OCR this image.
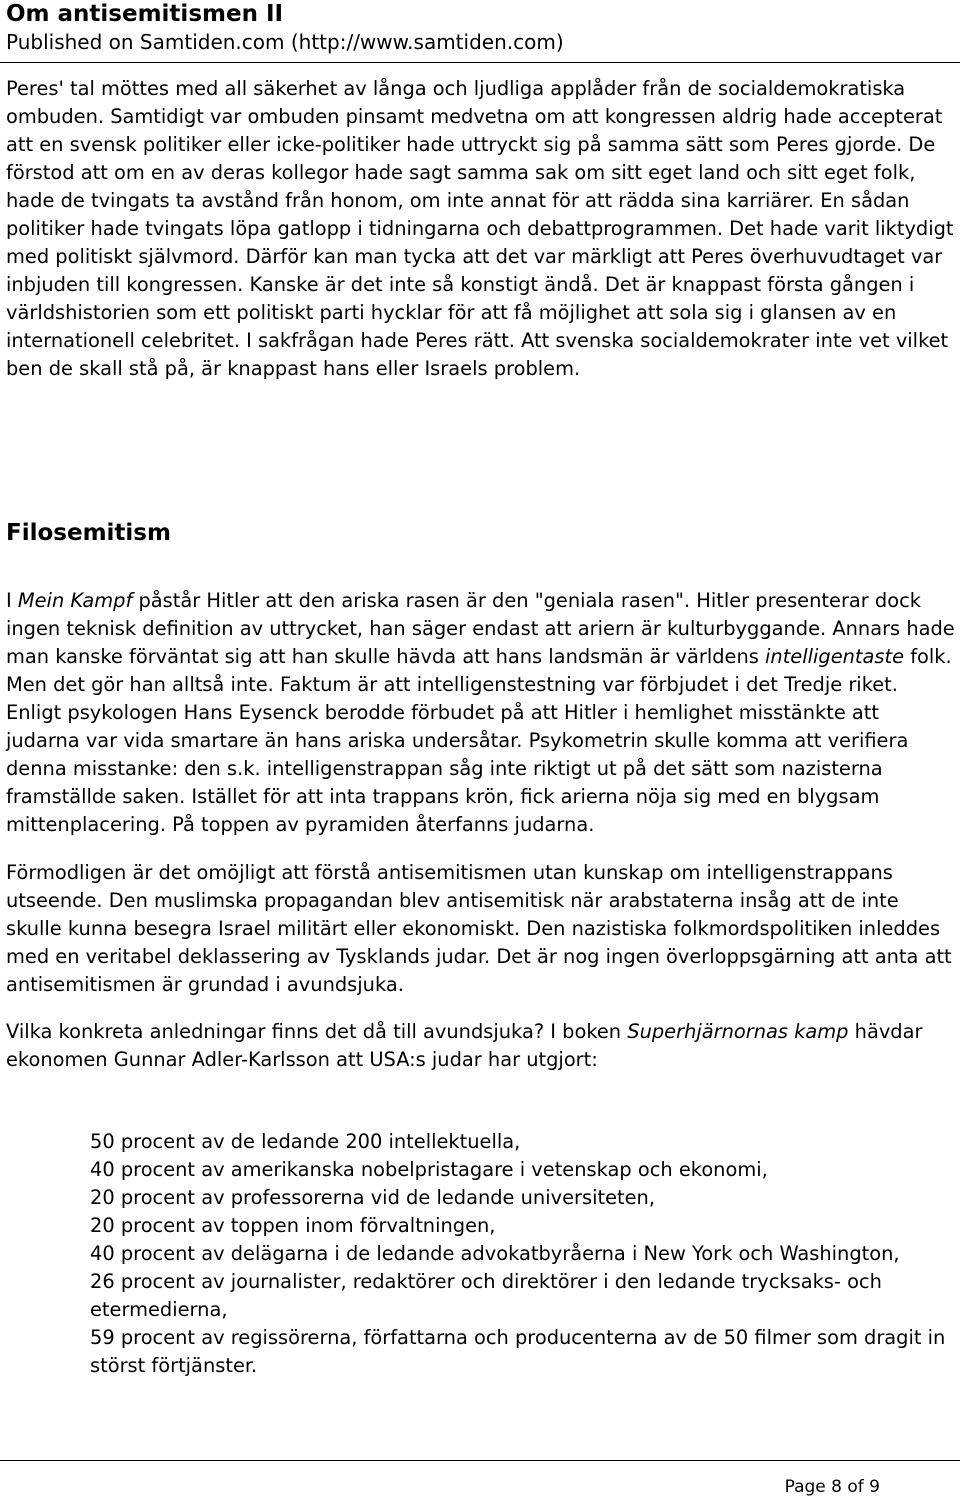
Om antisemitismen II

Published on Samtiden.com (http://www.samtiden.com)

Peres' tal möttes med all säkerhet av långa och ljudliga applåder från de socialdemokratiska ombuden. Samtidigt var ombuden pinsamt medvetna om att kongressen aldrig hade accepterat att en svensk politiker eller icke-politiker hade uttryckt sig på samma sätt som Peres gjorde. De förstod att om en av deras kollegor hade sagt samma sak om sitt eget land och sitt eget folk, hade de tvingats ta avstånd från honom, om inte annat för att rädda sina karriärer. En sådan politiker hade tvingats löpa gatlopp i tidningarna och debattprogrammen. Det hade varit liktydigt med politiskt självmord. Därför kan man tycka att det var märkligt att Peres överhuvudtaget var inbjuden till kongressen. Kanske är det inte så konstigt ändå. Det är knappast första gången i världshistorien som ett politiskt parti hycklar för att få möjlighet att sola sig i glansen av en internationell celebritet. I sakfrågan hade Peres rätt. Att svenska socialdemokrater inte vet vilket ben de skall stå på, är knappast hans eller Israels problem.

Filosemitism

I Mein Kampf påstår Hitler att den ariska rasen är den "geniala rasen". Hitler presenterar dock ingen teknisk definition av uttrycket, han säger endast att ariern är kulturbyggande. Annars hade man kanske förväntat sig att han skulle hävda att hans landsmän är världens intelligentaste folk. Men det gör han alltså inte. Faktum är att intelligenstestning var förbjudet i det Tredje riket. Enligt psykologen Hans Eysenck berodde förbudet på att Hitler i hemlighet misstänkte att judarna var vida smartare än hans ariska undersåtar. Psykometrin skulle komma att verifiera denna misstanke: den s.k. intelligenstrappan såg inte riktigt ut på det sätt som nazisterna framställde saken. Istället för att inta trappans krön, fick arierna nöja sig med en blygsam mittenplacering. På toppen av pyramiden återfanns judarna.

Förmodligen är det omöjligt att förstå antisemitismen utan kunskap om intelligenstrappans utseende. Den muslimska propagandan blev antisemitisk när arabstaterna insåg att de inte skulle kunna besegra Israel militärt eller ekonomiskt. Den nazistiska folkmordspolitiken inleddes med en veritabel deklassering av Tysklands judar. Det är nog ingen överloppsgärning att anta att antisemitismen är grundad i avundsjuka.

Vilka konkreta anledningar finns det då till avundsjuka? I boken Superhjärnornas kamp hävdar ekonomen Gunnar Adler-Karlsson att USA:s judar har utgjort:

50 procent av de ledande 200 intellektuella,
40 procent av amerikanska nobelpristagare i vetenskap och ekonomi,
20 procent av professorerna vid de ledande universiteten,
20 procent av toppen inom förvaltningen,
40 procent av delägarna i de ledande advokatbyråerna i New York och Washington,
26 procent av journalister, redaktörer och direktörer i den ledande trycksaks- och etermedierna,
59 procent av regissörerna, författarna och producenterna av de 50 filmer som dragit in störst förtjänster.
Page 8 of 9
